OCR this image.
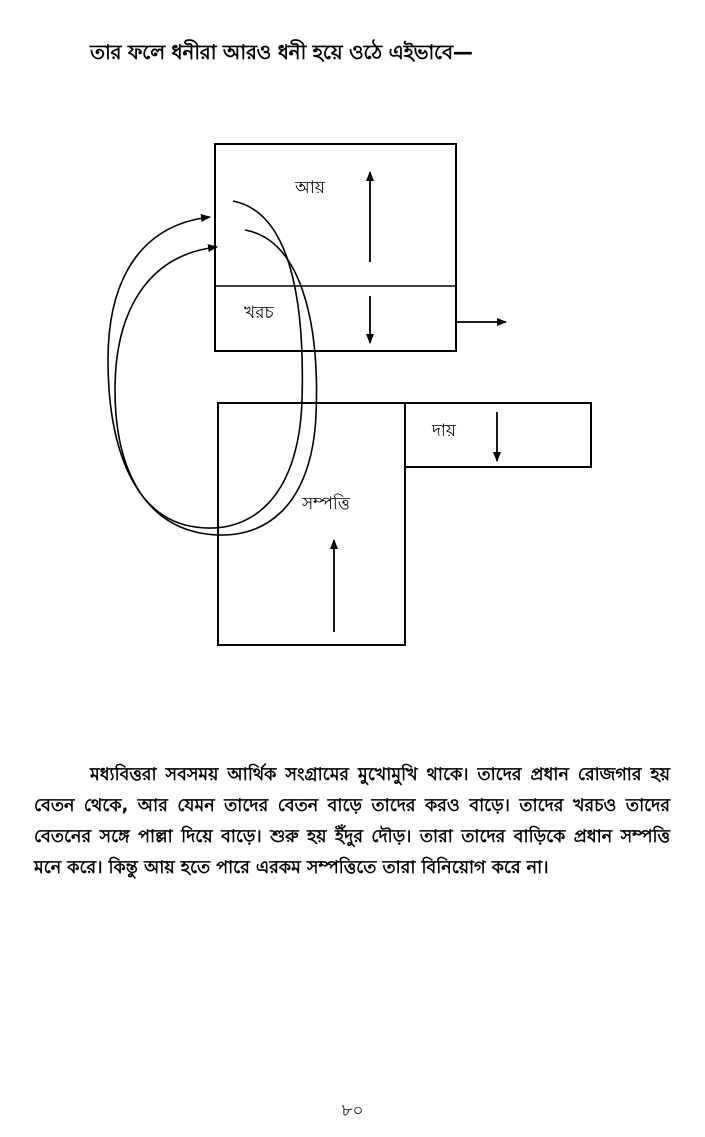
তার ফলে ধনীরা আরও ধনী হয়ে ওঠে এইভাবে—
আয়
খরচ
সম্পত্তি
দায়

মধ্যবিত্তরা সবসময় আর্থিক সংগ্রামের মুখোমুখি থাকে। তাদের প্রধান রোজগার হয় বেতন থেকে, আর যেমন তাদের বেতন বাড়ে তাদের করও বাড়ে। তাদের খরচও তাদের বেতনের সঙ্গে পাল্লা দিয়ে বাড়ে। শুরু হয় ইঁদুর দৌড়। তারা তাদের বাড়িকে প্রধান সম্পত্তি মনে করে। কিন্তু আয় হতে পারে এরকম সম্পত্তিতে তারা বিনিয়োগ করে না।

৮০
